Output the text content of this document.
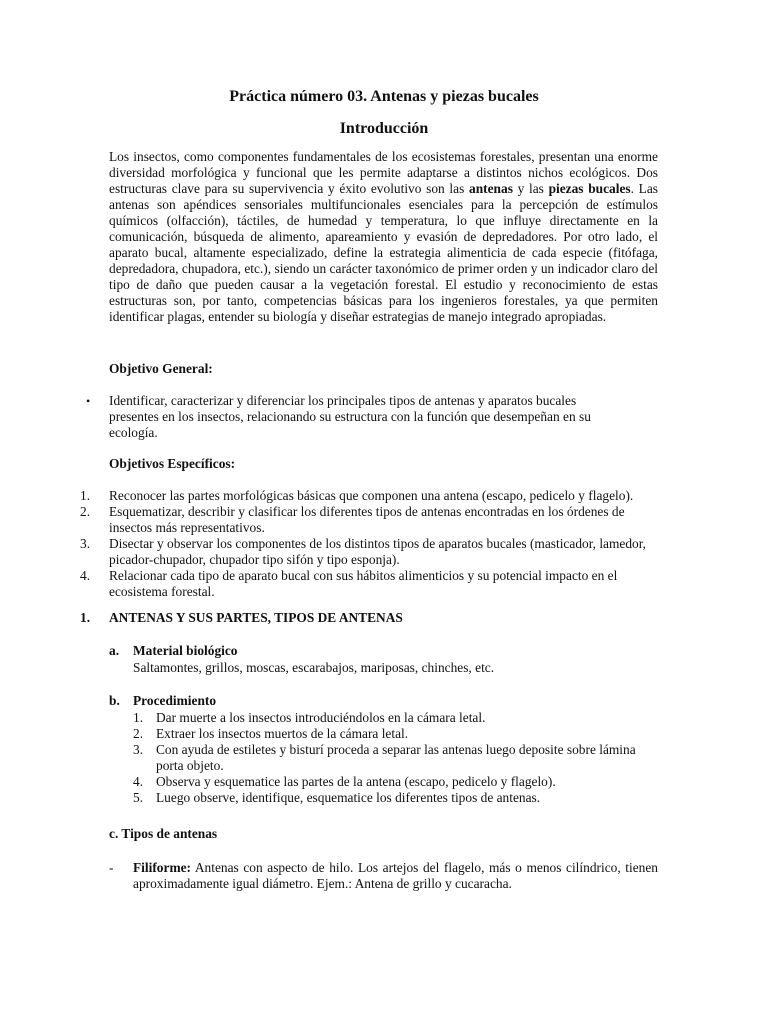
Práctica número 03. Antenas y piezas bucales
Introducción
Los insectos, como componentes fundamentales de los ecosistemas forestales, presentan una enorme diversidad morfológica y funcional que les permite adaptarse a distintos nichos ecológicos. Dos estructuras clave para su supervivencia y éxito evolutivo son las antenas y las piezas bucales. Las antenas son apéndices sensoriales multifuncionales esenciales para la percepción de estímulos químicos (olfacción), táctiles, de humedad y temperatura, lo que influye directamente en la comunicación, búsqueda de alimento, apareamiento y evasión de depredadores. Por otro lado, el aparato bucal, altamente especializado, define la estrategia alimenticia de cada especie (fitófaga, depredadora, chupadora, etc.), siendo un carácter taxonómico de primer orden y un indicador claro del tipo de daño que pueden causar a la vegetación forestal. El estudio y reconocimiento de estas estructuras son, por tanto, competencias básicas para los ingenieros forestales, ya que permiten identificar plagas, entender su biología y diseñar estrategias de manejo integrado apropiadas.
Objetivo General:
• Identificar, caracterizar y diferenciar los principales tipos de antenas y aparatos bucales presentes en los insectos, relacionando su estructura con la función que desempeñan en su ecología.
Objetivos Específicos:
1. Reconocer las partes morfológicas básicas que componen una antena (escapo, pedicelo y flagelo).
2. Esquematizar, describir y clasificar los diferentes tipos de antenas encontradas en los órdenes de insectos más representativos.
3. Disectar y observar los componentes de los distintos tipos de aparatos bucales (masticador, lamedor, picador-chupador, chupador tipo sifón y tipo esponja).
4. Relacionar cada tipo de aparato bucal con sus hábitos alimenticios y su potencial impacto en el ecosistema forestal.
1. ANTENAS Y SUS PARTES, TIPOS DE ANTENAS
a. Material biológico
Saltamontes, grillos, moscas, escarabajos, mariposas, chinches, etc.
b. Procedimiento
1. Dar muerte a los insectos introduciéndolos en la cámara letal.
2. Extraer los insectos muertos de la cámara letal.
3. Con ayuda de estiletes y bisturí proceda a separar las antenas luego deposite sobre lámina porta objeto.
4. Observa y esquematice las partes de la antena (escapo, pedicelo y flagelo).
5. Luego observe, identifique, esquematice los diferentes tipos de antenas.
c. Tipos de antenas
- Filiforme: Antenas con aspecto de hilo. Los artejos del flagelo, más o menos cilíndrico, tienen aproximadamente igual diámetro. Ejem.: Antena de grillo y cucaracha.
